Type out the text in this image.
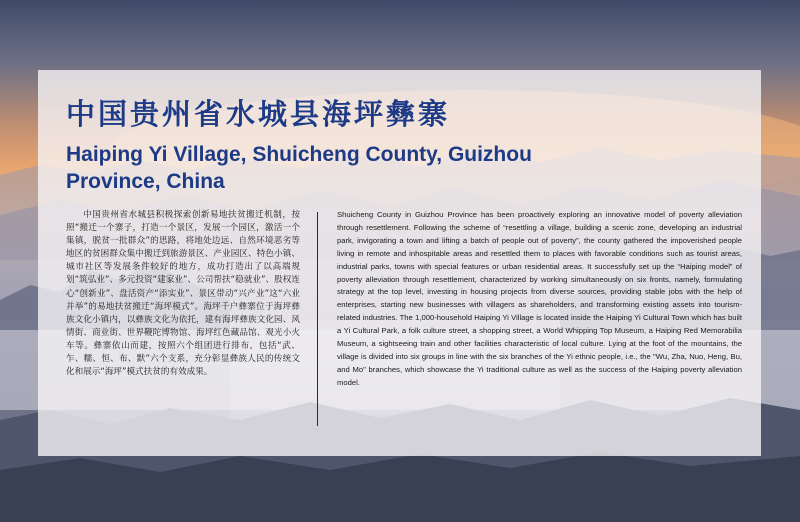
中国贵州省水城县海坪彝寨
Haiping Yi Village, Shuicheng County, Guizhou Province, China

中国贵州省水城县积极探索创新易地扶贫搬迁机制，按照“搬迁一个寨子，打造一个景区，发展一个园区，激活一个集镇，脱贫一批群众”的思路，将地处边远、自然环境恶劣等地区的贫困群众集中搬迁到旅游景区、产业园区、特色小镇、城市社区等发展条件较好的地方，成功打造出了以高端规划“筑弘业”、多元投资“建家业”、公司帮扶“稳就业”、股权连心“创新业”、盘活资产“添实业”、景区带动“兴产业”这“六业并举”的易地扶贫搬迁“海坪模式”。海坪千户彝寨位于海坪彝族文化小镇内，以彝族文化为依托，建有海坪彝族文化园、风情街、商业街、世界鞭陀博物馆、海坪红色藏品馆、观光小火车等。彝寨依山而建，按照六个组团进行排布，包括“武、乍、糯、恒、布、默”六个支系，充分彰显彝族人民的传统文化和展示“海坪”模式扶贫的有效成果。

Shuicheng County in Guizhou Province has been proactively exploring an innovative model of poverty alleviation through resettlement. Following the scheme of “resettling a village, building a scenic zone, developing an industrial park, invigorating a town and lifting a batch of people out of poverty”, the county gathered the impoverished people living in remote and inhospitable areas and resettled them to places with favorable conditions such as tourist areas, industrial parks, towns with special features or urban residential areas. It successfully set up the “Haiping model” of poverty alleviation through resettlement, characterized by working simultaneously on six fronts, namely, formulating strategy at the top level, investing in housing projects from diverse sources, providing stable jobs with the help of enterprises, starting new businesses with villagers as shareholders, and transforming existing assets into tourism-related industries. The 1,000-household Haiping Yi Village is located inside the Haiping Yi Cultural Town which has built a Yi Cultural Park, a folk culture street, a shopping street, a World Whipping Top Museum, a Haiping Red Memorabilia Museum, a sightseeing train and other facilities characteristic of local culture. Lying at the foot of the mountains, the village is divided into six groups in line with the six branches of the Yi ethnic people, i.e., the "Wu, Zha, Nuo, Heng, Bu, and Mo" branches, which showcase the Yi traditional culture as well as the success of the Haiping poverty alleviation model.
